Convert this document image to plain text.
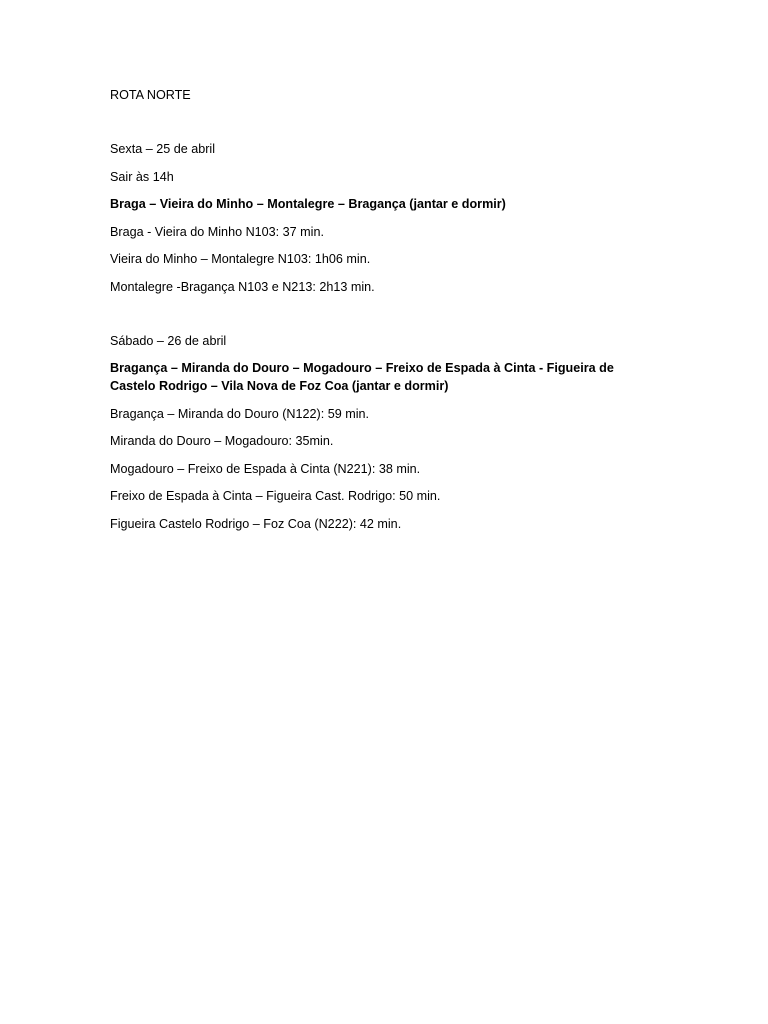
ROTA NORTE
Sexta – 25 de abril
Sair às 14h
Braga – Vieira do Minho – Montalegre – Bragança (jantar e dormir)
Braga - Vieira do Minho N103: 37 min.
Vieira do Minho – Montalegre N103: 1h06 min.
Montalegre -Bragança N103 e N213: 2h13 min.
Sábado – 26 de abril
Bragança – Miranda do Douro – Mogadouro – Freixo de Espada à Cinta - Figueira de Castelo Rodrigo – Vila Nova de Foz Coa (jantar e dormir)
Bragança – Miranda do Douro (N122): 59 min.
Miranda do Douro – Mogadouro: 35min.
Mogadouro – Freixo de Espada à Cinta (N221): 38 min.
Freixo de Espada à Cinta – Figueira Cast. Rodrigo: 50 min.
Figueira Castelo Rodrigo – Foz Coa (N222): 42 min.
